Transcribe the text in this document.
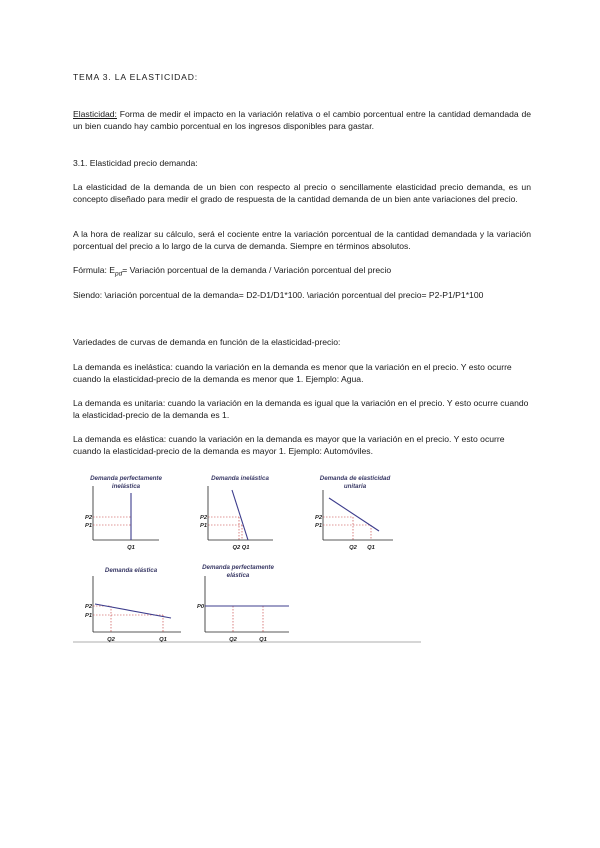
TEMA 3. LA ELASTICIDAD:

Elasticidad: Forma de medir el impacto en la variación relativa o el cambio porcentual entre la cantidad demandada de un bien cuando hay cambio porcentual en los ingresos disponibles para gastar.

3.1. Elasticidad precio demanda:

La elasticidad de la demanda de un bien con respecto al precio o sencillamente elasticidad precio demanda, es un concepto diseñado para medir el grado de respuesta de la cantidad demanda de un bien ante variaciones del precio.

A la hora de realizar su cálculo, será el cociente entre la variación porcentual de la cantidad demandada y la variación porcentual del precio a lo largo de la curva de demanda. Siempre en términos absolutos.

Fórmula: $E_{pd}=$ Variación porcentual de la demanda / Variación porcentual del precio

Siendo: \ariación porcentual de la demanda= D2-D1/D1*100. \ariación porcentual del precio= P2-P1/P1*100

Variedades de curvas de demanda en función de la elasticidad-precio:

La demanda es inelástica: cuando la variación en la demanda es menor que la variación en el precio. Y esto ocurre cuando la elasticidad-precio de la demanda es menor que 1. Ejemplo: Agua.

La demanda es unitaria: cuando la variación en la demanda es igual que la variación en el precio. Y esto ocurre cuando la elasticidad-precio de la demanda es 1.

La demanda es elástica: cuando la variación en la demanda es mayor que la variación en el precio. Y esto ocurre cuando la elasticidad-precio de la demanda es mayor 1. Ejemplo: Automóviles.

Demanda perfectamente
inelástica
P2
P1
Q1
Demanda inelástica
P2
P1
Q2 Q1
Demanda de elasticidad
unitaria
P2
P1
Q2 Q1
Demanda elástica
P2
P1
Q2	Q1
Demanda perfectamente
elástica
P0
Q2	Q1
